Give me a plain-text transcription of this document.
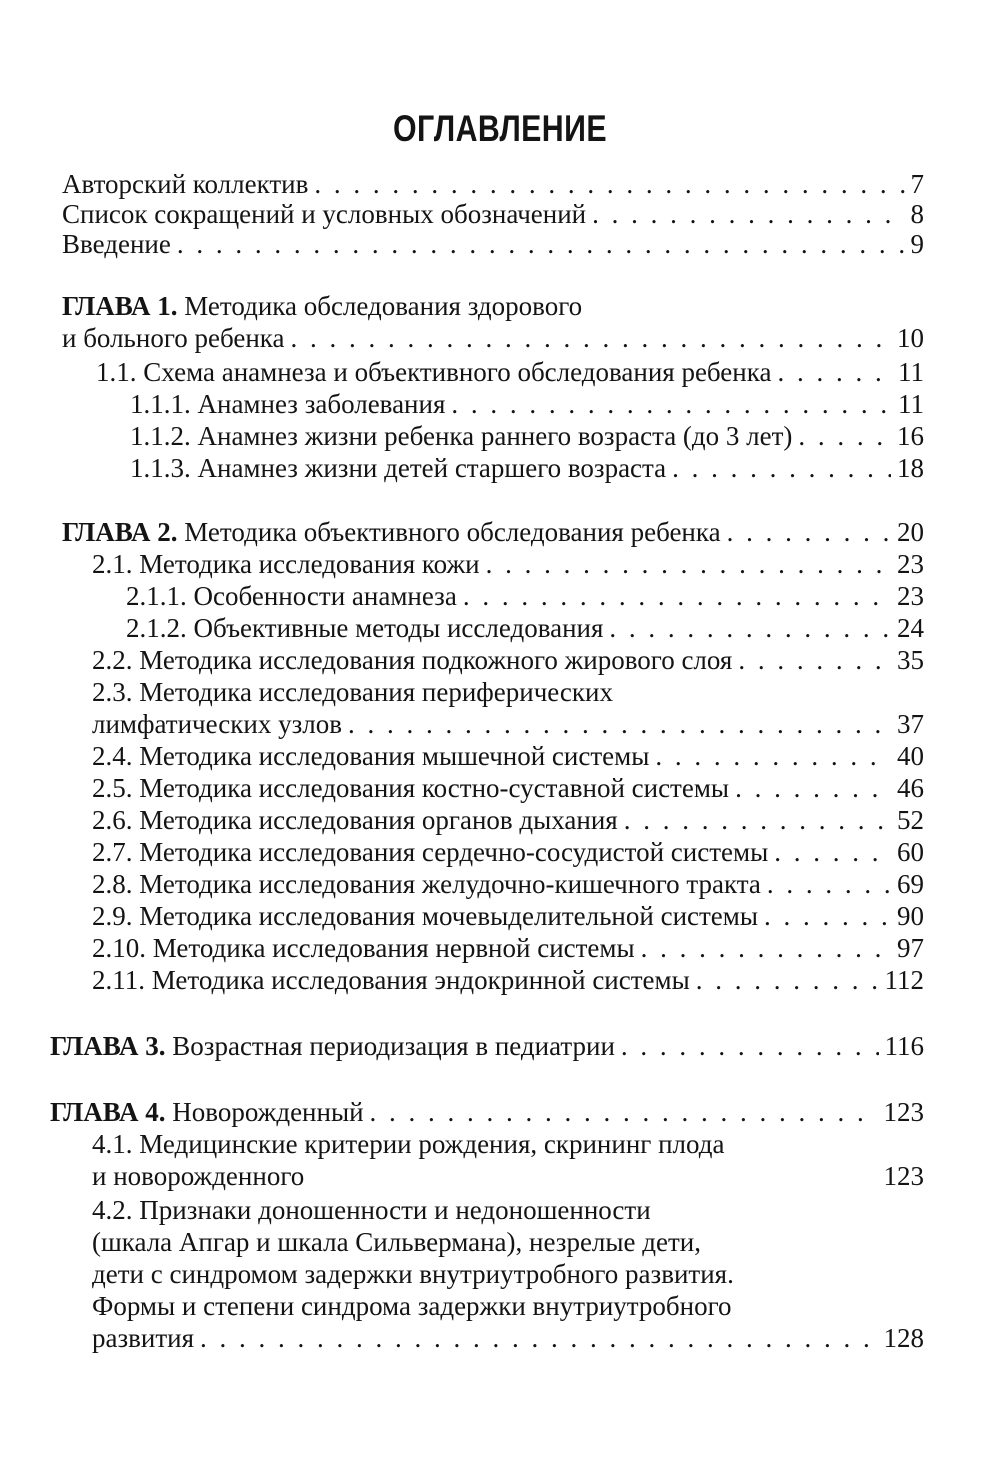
ОГЛАВЛЕНИЕ
Авторский коллектив . . .	7
Список сокращений и условных обозначений . . .	8
Введение . . .	9
ГЛАВА 1. Методика обследования здорового
и больного ребенка . . .	10
1.1. Схема анамнеза и объективного обследования ребенка . . .	11
1.1.1. Анамнез заболевания . . .	11
1.1.2. Анамнез жизни ребенка раннего возраста (до 3 лет) . . .	16
1.1.3. Анамнез жизни детей старшего возраста . . .	18
ГЛАВА 2. Методика объективного обследования ребенка . . .	20
2.1. Методика исследования кожи . . .	23
2.1.1. Особенности анамнеза . . .	23
2.1.2. Объективные методы исследования . . .	24
2.2. Методика исследования подкожного жирового слоя . . .	35
2.3. Методика исследования периферических
лимфатических узлов . . .	37
2.4. Методика исследования мышечной системы . . .	40
2.5. Методика исследования костно-суставной системы . . .	46
2.6. Методика исследования органов дыхания . . .	52
2.7. Методика исследования сердечно-сосудистой системы . . .	60
2.8. Методика исследования желудочно-кишечного тракта . . .	69
2.9. Методика исследования мочевыделительной системы . . .	90
2.10. Методика исследования нервной системы . . .	97
2.11. Методика исследования эндокринной системы . . .	112
ГЛАВА 3. Возрастная периодизация в педиатрии . . .	116
ГЛАВА 4. Новорожденный . . .	123
4.1. Медицинские критерии рождения, скрининг плода
и новорожденного	123
4.2. Признаки доношенности и недоношенности
(шкала Апгар и шкала Сильвермана), незрелые дети,
дети с синдромом задержки внутриутробного развития.
Формы и степени синдрома задержки внутриутробного
развития . . .	128
